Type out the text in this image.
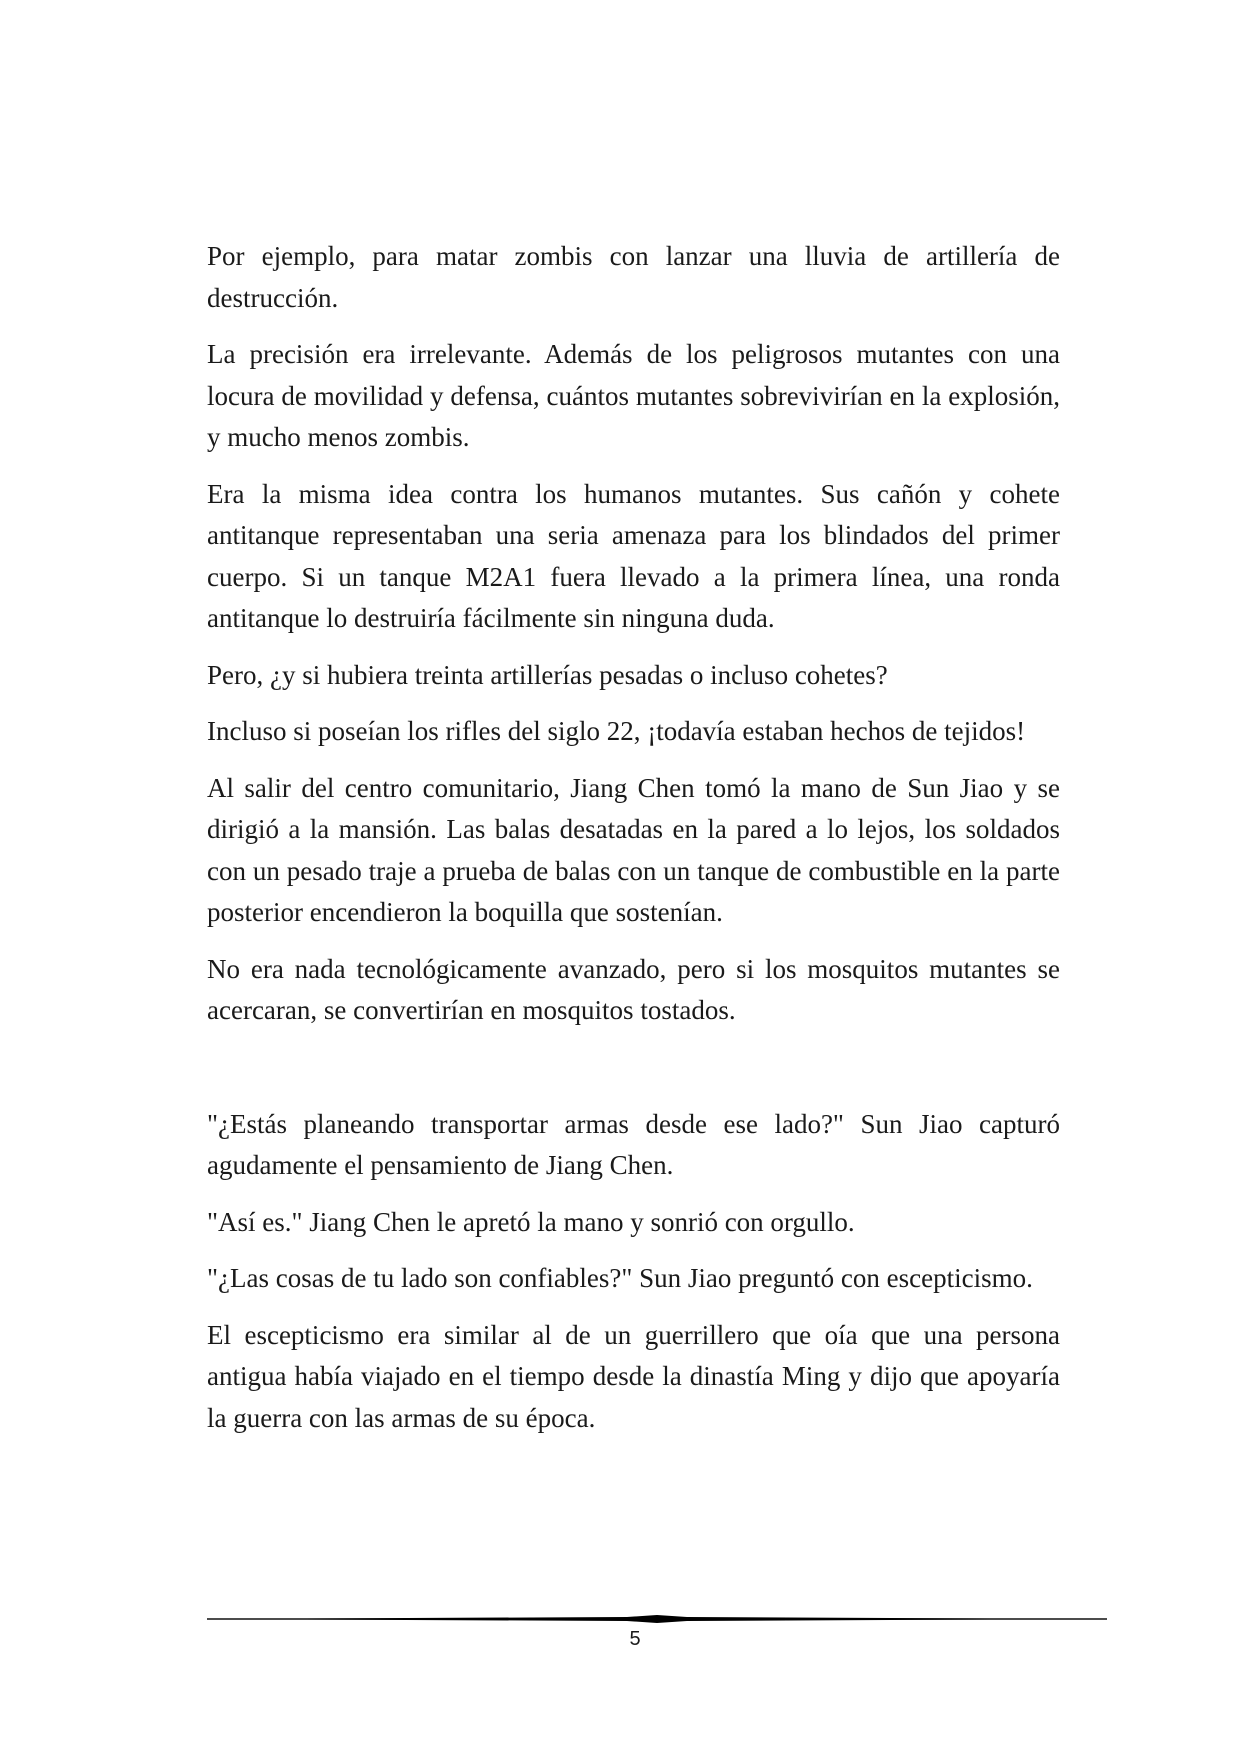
Por ejemplo, para matar zombis con lanzar una lluvia de artillería de destrucción.

La precisión era irrelevante. Además de los peligrosos mutantes con una locura de movilidad y defensa, cuántos mutantes sobrevivirían en la explosión, y mucho menos zombis.

Era la misma idea contra los humanos mutantes. Sus cañón y cohete antitanque representaban una seria amenaza para los blindados del primer cuerpo. Si un tanque M2A1 fuera llevado a la primera línea, una ronda antitanque lo destruiría fácilmente sin ninguna duda.

Pero, ¿y si hubiera treinta artillerías pesadas o incluso cohetes?

Incluso si poseían los rifles del siglo 22, ¡todavía estaban hechos de tejidos!

Al salir del centro comunitario, Jiang Chen tomó la mano de Sun Jiao y se dirigió a la mansión. Las balas desatadas en la pared a lo lejos, los soldados con un pesado traje a prueba de balas con un tanque de combustible en la parte posterior encendieron la boquilla que sostenían.

No era nada tecnológicamente avanzado, pero si los mosquitos mutantes se acercaran, se convertirían en mosquitos tostados.

"¿Estás planeando transportar armas desde ese lado?" Sun Jiao capturó agudamente el pensamiento de Jiang Chen.

"Así es." Jiang Chen le apretó la mano y sonrió con orgullo.

"¿Las cosas de tu lado son confiables?" Sun Jiao preguntó con escepticismo.

El escepticismo era similar al de un guerrillero que oía que una persona antigua había viajado en el tiempo desde la dinastía Ming y dijo que apoyaría la guerra con las armas de su época.

5
